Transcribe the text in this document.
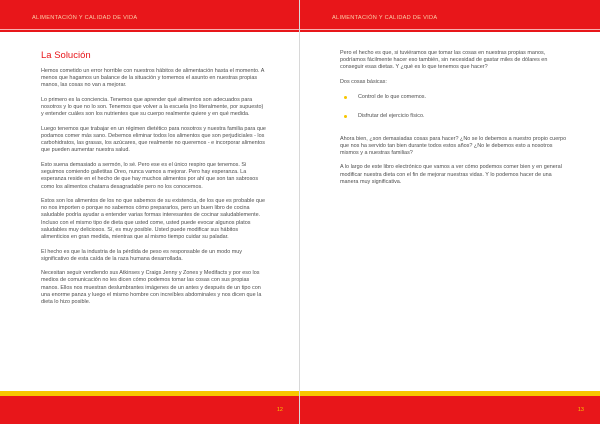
ALIMENTACIÓN Y CALIDAD DE VIDA
La Solución

Hemos cometido un error horrible con nuestros hábitos de alimentación hasta el momento. A menos que hagamos un balance de la situación y tomemos el asunto en nuestras propias manos, las cosas no van a mejorar.

Lo primero es la conciencia. Tenemos que aprender qué alimentos son adecuados para nosotros y lo que no lo son. Tenemos que volver a la escuela (no literalmente, por supuesto) y entender cuáles son los nutrientes que su cuerpo realmente quiere y en qué medida.

Luego tenemos que trabajar en un régimen dietético para nosotros y nuestra familia para que podamos comer más sano. Debemos eliminar todos los alimentos que son perjudiciales - los carbohidratos, las grasas, los azúcares, que realmente no queremos - e incorporar alimentos que pueden aumentar nuestra salud.

Esto suena demasiado a sermón, lo sé. Pero ese es el único respiro que tenemos. Si seguimos comiendo galletitas Oreo, nunca vamos a mejorar. Pero hay esperanza. La esperanza reside en el hecho de que hay muchos alimentos por ahí que son tan sabrosos como los alimentos chatarra desagradable pero no los conocemos.

Estos son los alimentos de los no que sabemos de su existencia, de los que es probable que no nos importen o porque no sabemos cómo prepararlos, pero un buen libro de cocina saludable podría ayudar a entender varias formas interesantes de cocinar saludablemente. Incluso con el mismo tipo de dieta que usted come, usted puede evocar algunos platos saludables muy deliciosos. Sí, es muy posible. Usted puede modificar sus hábitos alimenticios en gran medida, mientras que al mismo tiempo cuidar su paladar.

El hecho es que la industria de la pérdida de peso es responsable de un modo muy significativo de esta caída de la raza humana desarrollada.

Necesitan seguir vendiendo sus Atkinses y Craigs Jenny y Zones y Medifacts y por eso los medios de comunicación no les dicen cómo podemos tomar las cosas con sus propias manos. Ellos nos muestran deslumbrantes imágenes de un antes y después de un tipo con una enorme panza y luego el mismo hombre con increíbles abdominales y nos dicen que la dieta lo hizo posible.

12
ALIMENTACIÓN Y CALIDAD DE VIDA

Pero el hecho es que, si tuviéramos que tomar las cosas en nuestras propias manos, podríamos fácilmente hacer eso también, sin necesidad de gastar miles de dólares en conseguir esas dietas. Y ¿qué es lo que tenemos que hacer?

Dos cosas básicas:

Control de lo que comemos.
Disfrutar del ejercicio físico.

Ahora bien, ¿son demasiadas cosas para hacer? ¿No se lo debemos a nuestro propio cuerpo que nos ha servido tan bien durante todos estos años? ¿No le debemos esto a nosotros mismos y a nuestras familias?

A lo largo de este libro electrónico que vamos a ver cómo podemos comer bien y en general modificar nuestra dieta con el fin de mejorar nuestras vidas. Y lo podemos hacer de una manera muy significativa.

13
